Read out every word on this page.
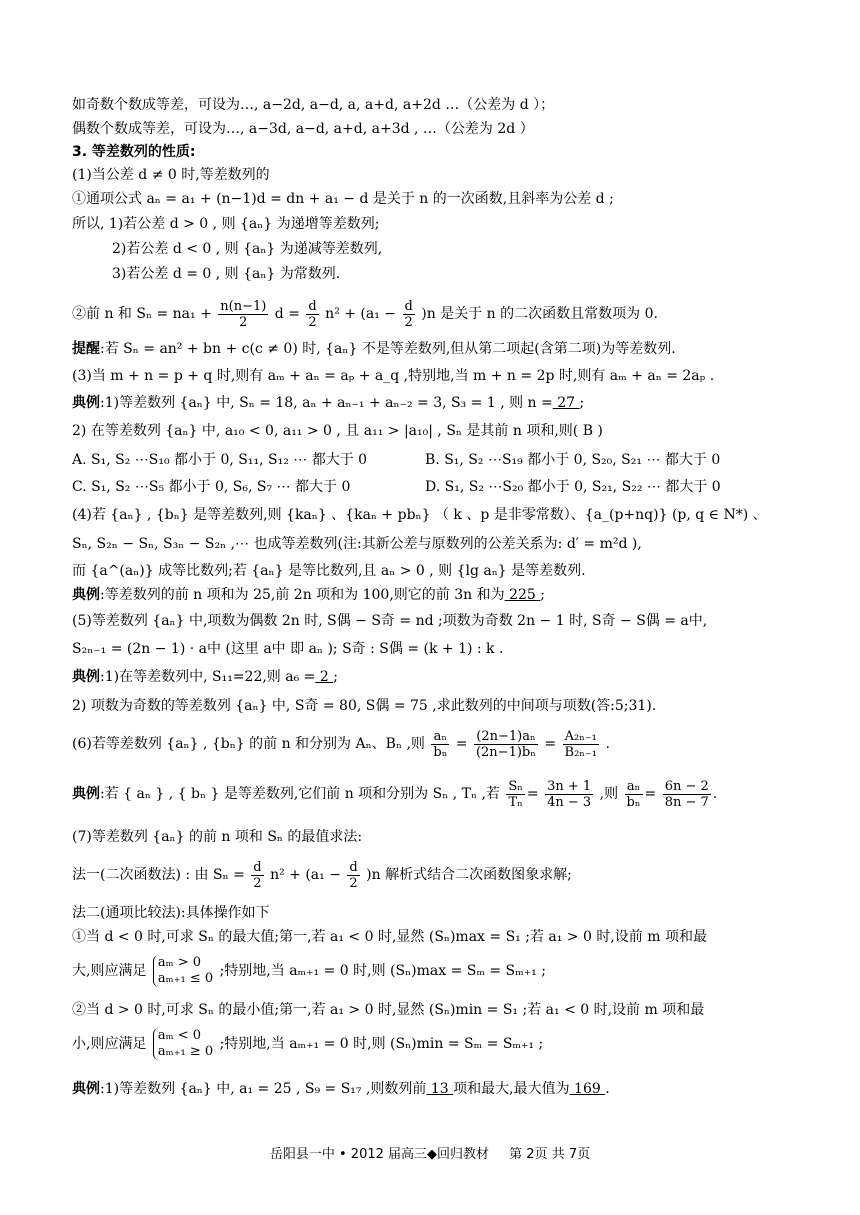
如奇数个数成等差，可设为…, a−2d, a−d, a, a+d, a+2d …（公差为 d ）；
偶数个数成等差，可设为…, a−3d, a−d, a+d, a+3d , …（公差为 2d ）
3. 等差数列的性质:
(1)当公差 d ≠ 0 时,等差数列的
①通项公式 aₙ = a₁ + (n−1)d = dn + a₁ − d 是关于 n 的一次函数,且斜率为公差 d ;
所以, 1)若公差 d > 0 , 则 {aₙ} 为递增等差数列;
2)若公差 d < 0 , 则 {aₙ} 为递减等差数列,
3)若公差 d = 0 , 则 {aₙ} 为常数列.
②前 n 和 $S_n = na_1 + \frac{n(n-1)}{2}$ $d = \frac{d}{2} n^2 + (a_1 - \frac{d}{2} )n$ 是关于 n 的二次函数且常数项为 0.
提醒:若 Sₙ = an² + bn + c(c ≠ 0) 时, {aₙ} 不是等差数列,但从第二项起(含第二项)为等差数列.
(3)当 m + n = p + q 时,则有 aₘ + aₙ = aₚ + a_q ,特别地,当 m + n = 2p 时,则有 aₘ + aₙ = 2aₚ .
典例:1)等差数列 {aₙ} 中, Sₙ = 18, aₙ + aₙ₋₁ + aₙ₋₂ = 3, S₃ = 1 , 则 n = 27 ;
2) 在等差数列 {aₙ} 中, a₁₀ < 0, a₁₁ > 0 , 且 a₁₁ > |a₁₀| , Sₙ 是其前 n 项和,则( B )
A. S₁, S₂ ⋯S₁₀ 都小于 0, S₁₁, S₁₂ ⋯ 都大于 0	B. S₁, S₂ ⋯S₁₉ 都小于 0, S₂₀, S₂₁ ⋯ 都大于 0
C. S₁, S₂ ⋯S₅ 都小于 0, S₆, S₇ ⋯ 都大于 0	D. S₁, S₂ ⋯S₂₀ 都小于 0, S₂₁, S₂₂ ⋯ 都大于 0
(4)若 {aₙ} , {bₙ} 是等差数列,则 {kaₙ} 、{kaₙ + pbₙ} （ k 、p 是非零常数）、{a_(p+nq)} (p, q ∈ N*) 、
Sₙ, S₂ₙ − Sₙ, S₃ₙ − S₂ₙ ,⋯ 也成等差数列(注:其新公差与原数列的公差关系为: d′ = m²d ),
而 {a^(aₙ)} 成等比数列;若 {aₙ} 是等比数列,且 aₙ > 0 , 则 {lg aₙ} 是等差数列.
典例:等差数列的前 n 项和为 25,前 2n 项和为 100,则它的前 3n 和为 225 ;
(5)等差数列 {aₙ} 中,项数为偶数 2n 时, S偶 − S奇 = nd ;项数为奇数 2n − 1 时, S奇 − S偶 = a中,
S₂ₙ₋₁ = (2n − 1) · a中 (这里 a中 即 aₙ ); S奇 : S偶 = (k + 1) : k .
典例:1)在等差数列中, S₁₁=22,则 a₆ = 2 ;
2) 项数为奇数的等差数列 {aₙ} 中, S奇 = 80, S偶 = 75 ,求此数列的中间项与项数(答:5;31).
(6)若等差数列 {aₙ} , {bₙ} 的前 n 和分别为 Aₙ、Bₙ ,则 $\frac{\text{aₙ}}{\text{bₙ}} = \frac{\text{(2n−1)aₙ}}{\text{(2n−1)bₙ}} = \frac{\text{A₂ₙ₋₁}}{\text{B₂ₙ₋₁}}$ .
典例:若 { aₙ } , { bₙ } 是等差数列,它们前 n 项和分别为 Sₙ , Tₙ ,若 $\frac{\text{Sₙ}}{\text{Tₙ}} = \frac{3n + 1}{4n - 3}$ ,则 $\frac{\text{aₙ}}{\text{bₙ}} = \frac{6n - 2}{8n - 7}$ .
(7)等差数列 {aₙ} 的前 n 项和 Sₙ 的最值求法:
法一(二次函数法) : 由 $S_n = \frac{d}{2} n^2 + (a_1 - \frac{d}{2} )n$ 解析式结合二次函数图象求解;
法二(通项比较法):具体操作如下
①当 d < 0 时,可求 Sₙ 的最大值;第一,若 a₁ < 0 时,显然 (Sₙ)max = S₁ ;若 a₁ > 0 时,设前 m 项和最
大,则应满足
aₘ > 0
aₘ₊₁ ≤ 0 ;特别地,当 aₘ₊₁ = 0 时,则 (Sₙ)max = Sₘ = Sₘ₊₁ ;
②当 d > 0 时,可求 Sₙ 的最小值;第一,若 a₁ > 0 时,显然 (Sₙ)min = S₁ ;若 a₁ < 0 时,设前 m 项和最
小,则应满足
aₘ < 0
aₘ₊₁ ≥ 0 ;特别地,当 aₘ₊₁ = 0 时,则 (Sₙ)min = Sₘ = Sₘ₊₁ ;
典例:1)等差数列 {aₙ} 中, a₁ = 25 , S₉ = S₁₇ ,则数列前 13 项和最大,最大值为 169 .
岳阳县一中 • 2012 届高三◆回归教材 第 2页 共 7页
